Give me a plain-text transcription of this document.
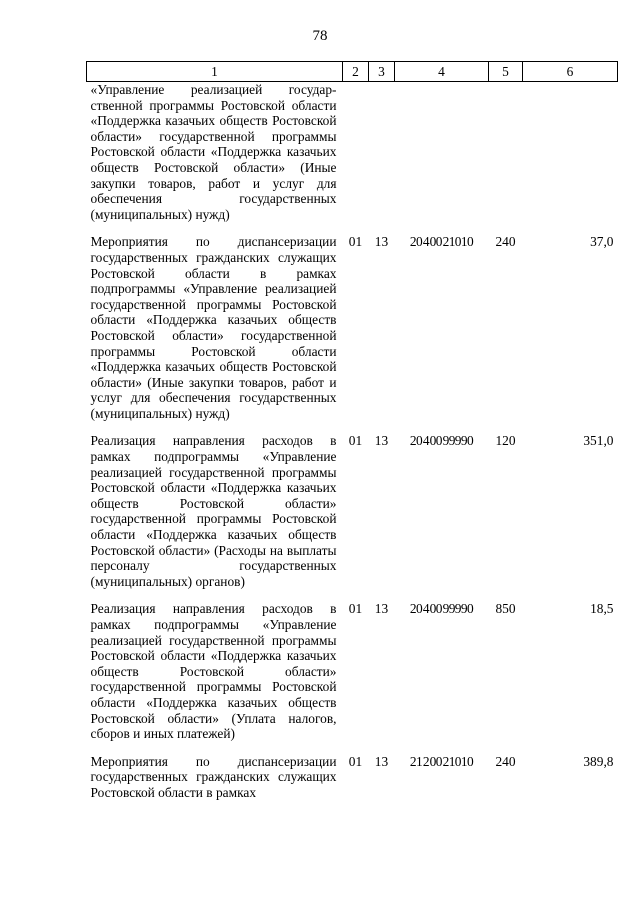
78
1	2	3	4	5	6
«Управление реализацией государственной программы Ростовской области «Поддержка казачьих обществ Ростовской области» государственной программы Ростовской области «Поддержка казачьих обществ Ростовской области» (Иные закупки товаров, работ и услуг для обеспечения государственных (муниципальных) нужд)					
Мероприятия по диспансеризации государственных гражданских служащих Ростовской области в рамках подпрограммы «Управление реализацией государственной программы Ростовской области «Поддержка казачьих обществ Ростовской области» государственной программы Ростовской области «Поддержка казачьих обществ Ростовской области» (Иные закупки товаров, работ и услуг для обеспечения государственных (муниципальных) нужд)	01	13	20 4 00 21010	240	37,0
Реализация направления расходов в рамках подпрограммы «Управление реализацией государственной программы Ростовской области «Поддержка казачьих обществ Ростовской области» государственной программы Ростовской области «Поддержка казачьих обществ Ростовской области» (Расходы на выплаты персоналу государственных (муниципальных) органов)	01	13	20 4 00 99990	120	351,0
Реализация направления расходов в рамках подпрограммы «Управление реализацией государственной программы Ростовской области «Поддержка казачьих обществ Ростовской области» государственной программы Ростовской области «Поддержка казачьих обществ Ростовской области» (Уплата налогов, сборов и иных платежей)	01	13	20 4 00 99990	850	18,5
Мероприятия по диспансеризации государственных гражданских служащих Ростовской области в рамках	01	13	21 2 00 21010	240	389,8
